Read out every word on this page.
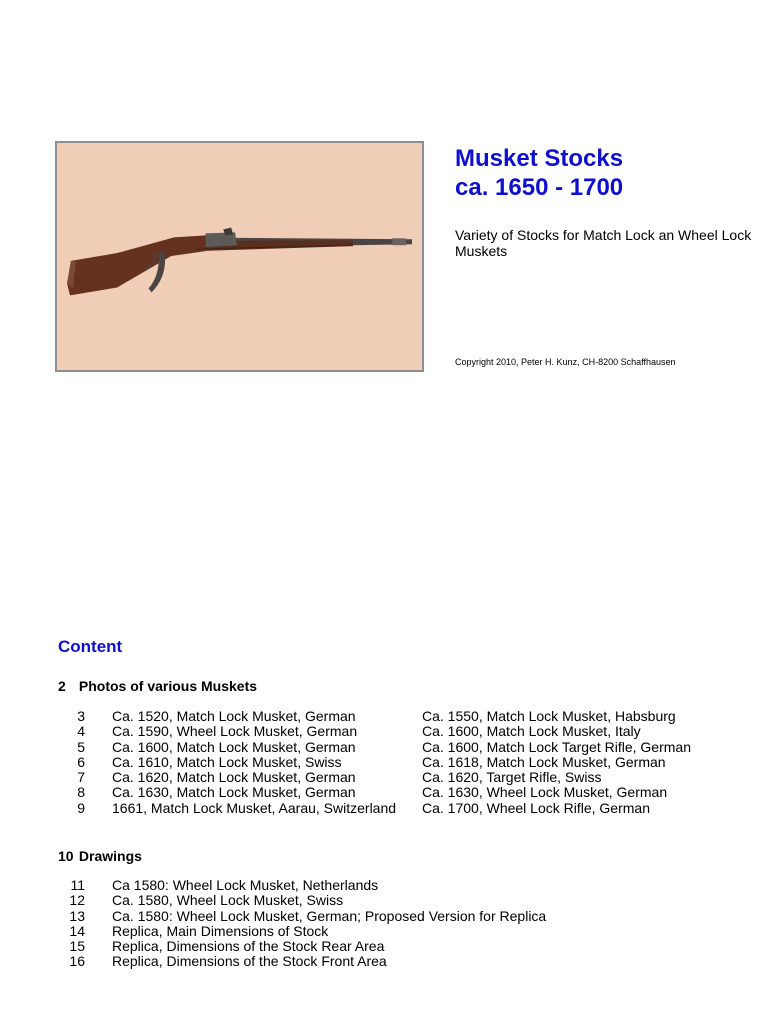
Musket Stocks
ca. 1650 - 1700
Variety of Stocks for Match Lock an Wheel Lock Muskets
Copyright 2010, Peter H. Kunz, CH-8200 Schaffhausen
Content
2 Photos of various Muskets
3	Ca. 1520, Match Lock Musket, German	Ca. 1550, Match Lock Musket, Habsburg
4	Ca. 1590, Wheel Lock Musket, German	Ca. 1600, Match Lock Musket, Italy
5	Ca. 1600, Match Lock Musket, German	Ca. 1600, Match Lock Target Rifle, German
6	Ca. 1610, Match Lock Musket, Swiss	Ca. 1618, Match Lock Musket, German
7	Ca. 1620, Match Lock Musket, German	Ca. 1620, Target Rifle, Swiss
8	Ca. 1630, Match Lock Musket, German	Ca. 1630, Wheel Lock Musket, German
9	1661, Match Lock Musket, Aarau, Switzerland	Ca. 1700, Wheel Lock Rifle, German
10 Drawings
11	Ca 1580: Wheel Lock Musket, Netherlands
12	Ca. 1580, Wheel Lock Musket, Swiss
13	Ca. 1580: Wheel Lock Musket, German; Proposed Version for Replica
14	Replica, Main Dimensions of Stock
15	Replica, Dimensions of the Stock Rear Area
16	Replica, Dimensions of the Stock Front Area
